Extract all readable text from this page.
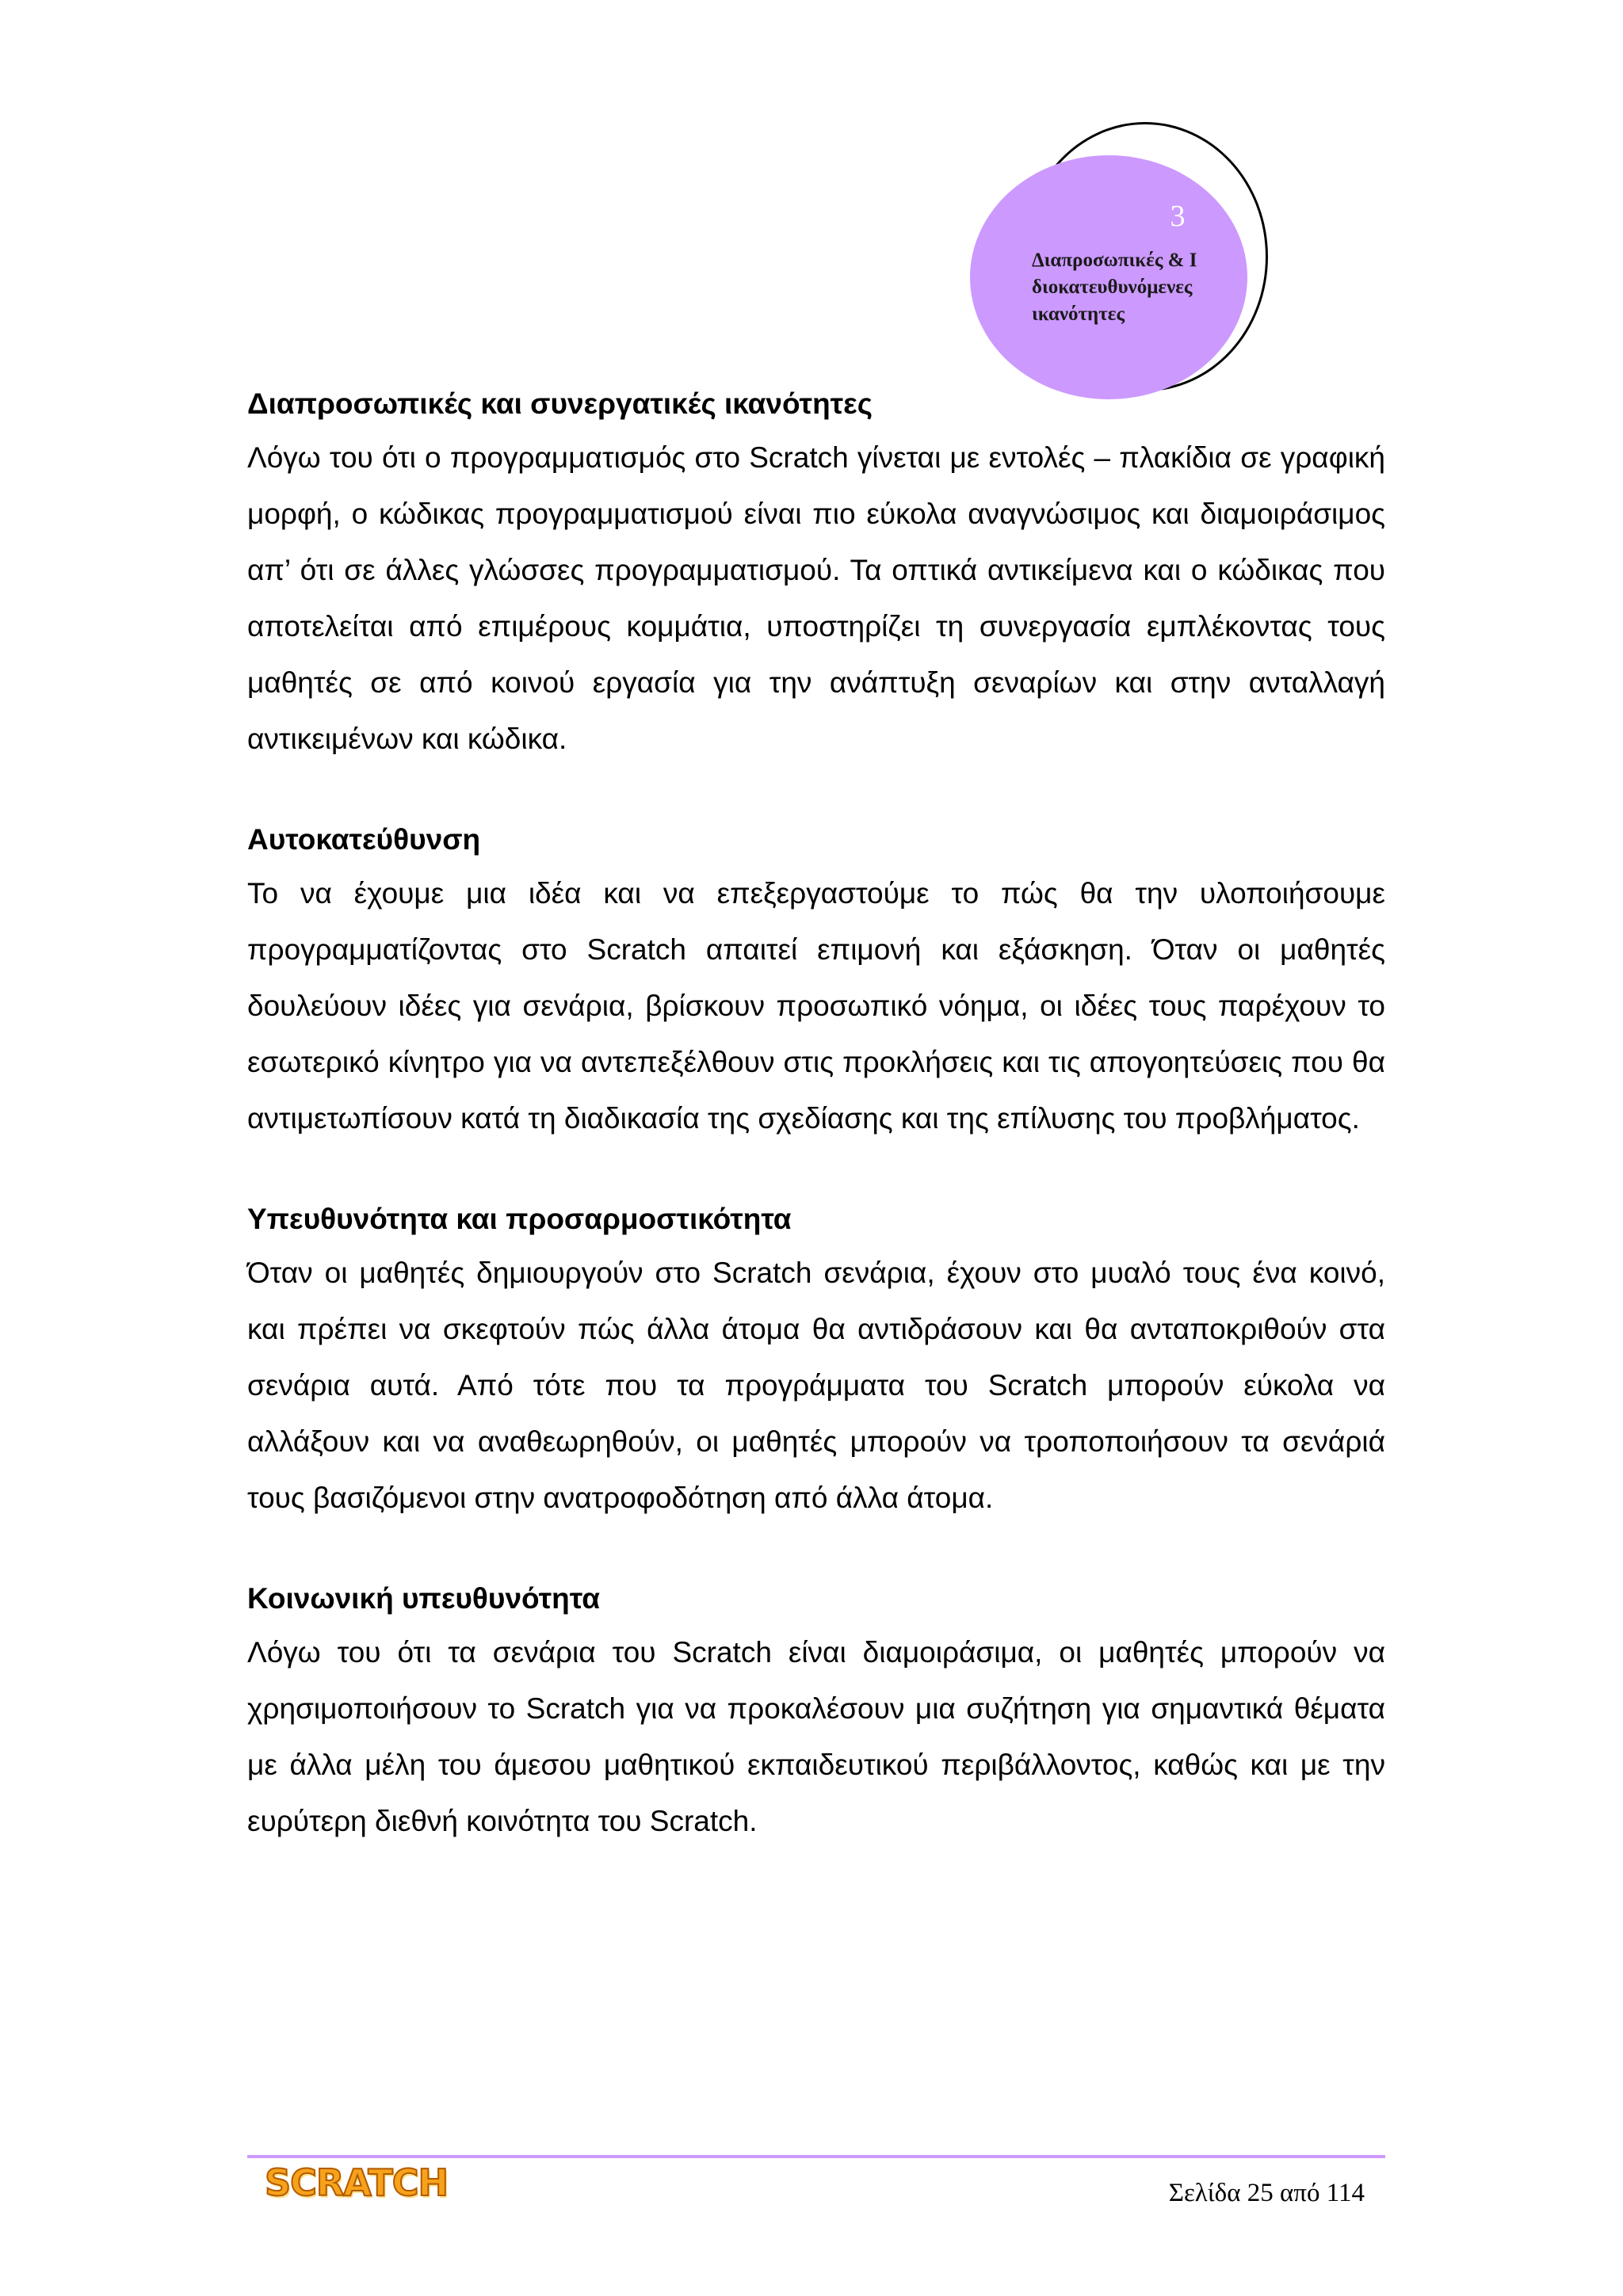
3
Διαπροσωπικές & Ιδιοκατευθυνόμενες ικανότητες

Διαπροσωπικές και συνεργατικές ικανότητες

Λόγω του ότι ο προγραμματισμός στο Scratch γίνεται με εντολές – πλακίδια σε γραφική μορφή, ο κώδικας προγραμματισμού είναι πιο εύκολα αναγνώσιμος και διαμοιράσιμος απ’ ότι σε άλλες γλώσσες προγραμματισμού. Τα οπτικά αντικείμενα και ο κώδικας που αποτελείται από επιμέρους κομμάτια, υποστηρίζει τη συνεργασία εμπλέκοντας τους μαθητές σε από κοινού εργασία για την ανάπτυξη σεναρίων και στην ανταλλαγή αντικειμένων και κώδικα.

Αυτοκατεύθυνση

Το να έχουμε μια ιδέα και να επεξεργαστούμε το πώς θα την υλοποιήσουμε προγραμματίζοντας στο Scratch απαιτεί επιμονή και εξάσκηση. Όταν οι μαθητές δουλεύουν ιδέες για σενάρια, βρίσκουν προσωπικό νόημα, οι ιδέες τους παρέχουν το εσωτερικό κίνητρο για να αντεπεξέλθουν στις προκλήσεις και τις απογοητεύσεις που θα αντιμετωπίσουν κατά τη διαδικασία της σχεδίασης και της επίλυσης του προβλήματος.

Υπευθυνότητα και προσαρμοστικότητα

Όταν οι μαθητές δημιουργούν στο Scratch σενάρια, έχουν στο μυαλό τους ένα κοινό, και πρέπει να σκεφτούν πώς άλλα άτομα θα αντιδράσουν και θα ανταποκριθούν στα σενάρια αυτά. Από τότε που τα προγράμματα του Scratch μπορούν εύκολα να αλλάξουν και να αναθεωρηθούν, οι μαθητές μπορούν να τροποποιήσουν τα σενάριά τους βασιζόμενοι στην ανατροφοδότηση από άλλα άτομα.

Κοινωνική υπευθυνότητα

Λόγω του ότι τα σενάρια του Scratch είναι διαμοιράσιμα, οι μαθητές μπορούν να χρησιμοποιήσουν το Scratch για να προκαλέσουν μια συζήτηση για σημαντικά θέματα με άλλα μέλη του άμεσου μαθητικού εκπαιδευτικού περιβάλλοντος, καθώς και με την ευρύτερη διεθνή κοινότητα του Scratch.

SCRATCH	Σελίδα 25 από 114
